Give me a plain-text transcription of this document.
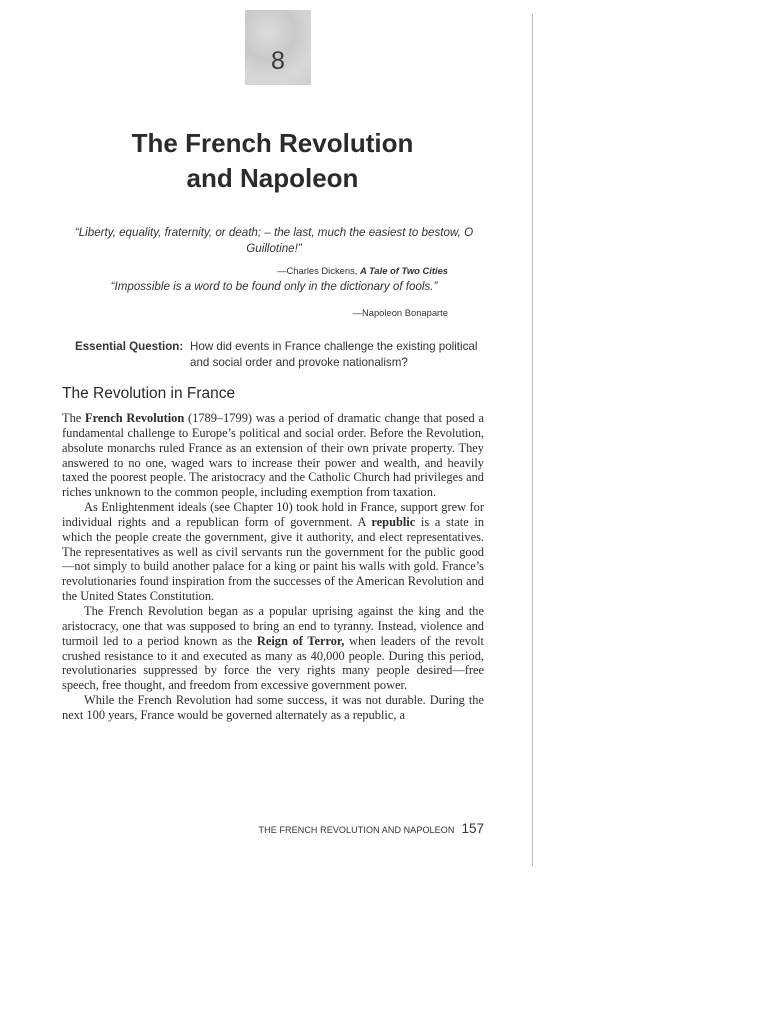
8
The French Revolution
and Napoleon

“Liberty, equality, fraternity, or death; – the last, much the easiest to bestow, O Guillotine!”

—Charles Dickens, A Tale of Two Cities

“Impossible is a word to be found only in the dictionary of fools.”

—Napoleon Bonaparte

Essential Question: How did events in France challenge the existing political and social order and provoke nationalism?
The Revolution in France

The French Revolution (1789–1799) was a period of dramatic change that posed a fundamental challenge to Europe’s political and social order. Before the Revolution, absolute monarchs ruled France as an extension of their own private property. They answered to no one, waged wars to increase their power and wealth, and heavily taxed the poorest people. The aristocracy and the Catholic Church had privileges and riches unknown to the common people, including exemption from taxation.

As Enlightenment ideals (see Chapter 10) took hold in France, support grew for individual rights and a republican form of government. A republic is a state in which the people create the government, give it authority, and elect representatives. The representatives as well as civil servants run the government for the public good—not simply to build another palace for a king or paint his walls with gold. France’s revolutionaries found inspiration from the successes of the American Revolution and the United States Constitution.

The French Revolution began as a popular uprising against the king and the aristocracy, one that was supposed to bring an end to tyranny. Instead, violence and turmoil led to a period known as the Reign of Terror, when leaders of the revolt crushed resistance to it and executed as many as 40,000 people. During this period, revolutionaries suppressed by force the very rights many people desired—free speech, free thought, and freedom from excessive government power.

While the French Revolution had some success, it was not durable. During the next 100 years, France would be governed alternately as a republic, a

THE FRENCH REVOLUTION AND NAPOLEON 157
